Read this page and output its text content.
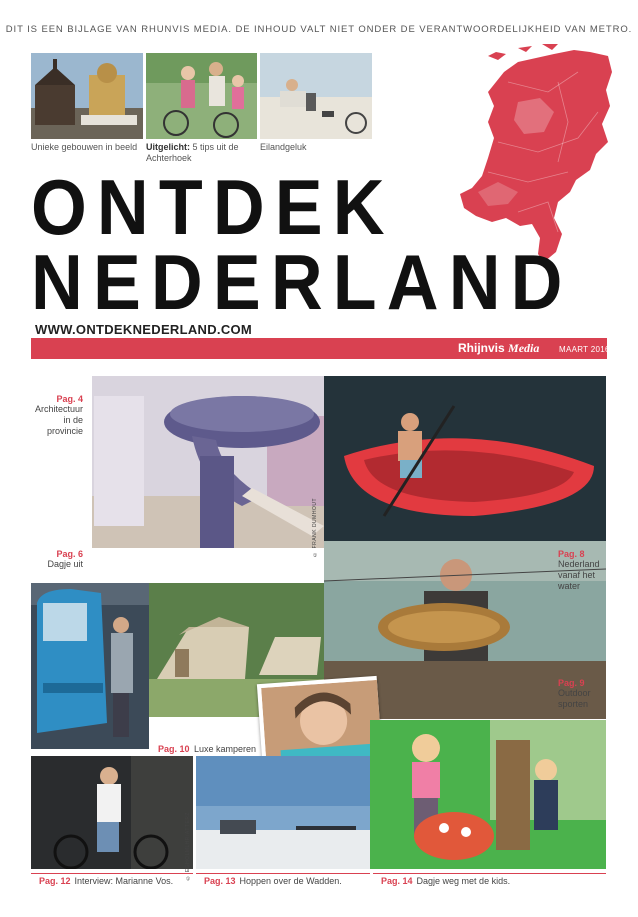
DIT IS EEN BIJLAGE VAN RHUNVIS MEDIA. DE INHOUD VALT NIET ONDER DE VERANTWOORDELIJKHEID VAN METRO.
Unieke gebouwen in beeld Uitgelicht: 5 tips uit de Achterhoek
Eilandgeluk
ONTDEK
NEDERLAND
WWW.ONTDEKNEDERLAND.COM
Rhijnvis Media MAART 2016
© FRANK DUMHOUT
Pag. 10 Luxe kamperen
© EGHOLMLHR/ATTERZ
Pag. 4
Architectuur in de provincie
Pag. 6
Dagje uit
Pag. 8
Nederland vanaf het water
Pag. 9
Outdoor sporten
Pag. 12 Interview: Marianne Vos.	Pag. 13 Hoppen over de Wadden.	Pag. 14 Dagje weg met de kids.
